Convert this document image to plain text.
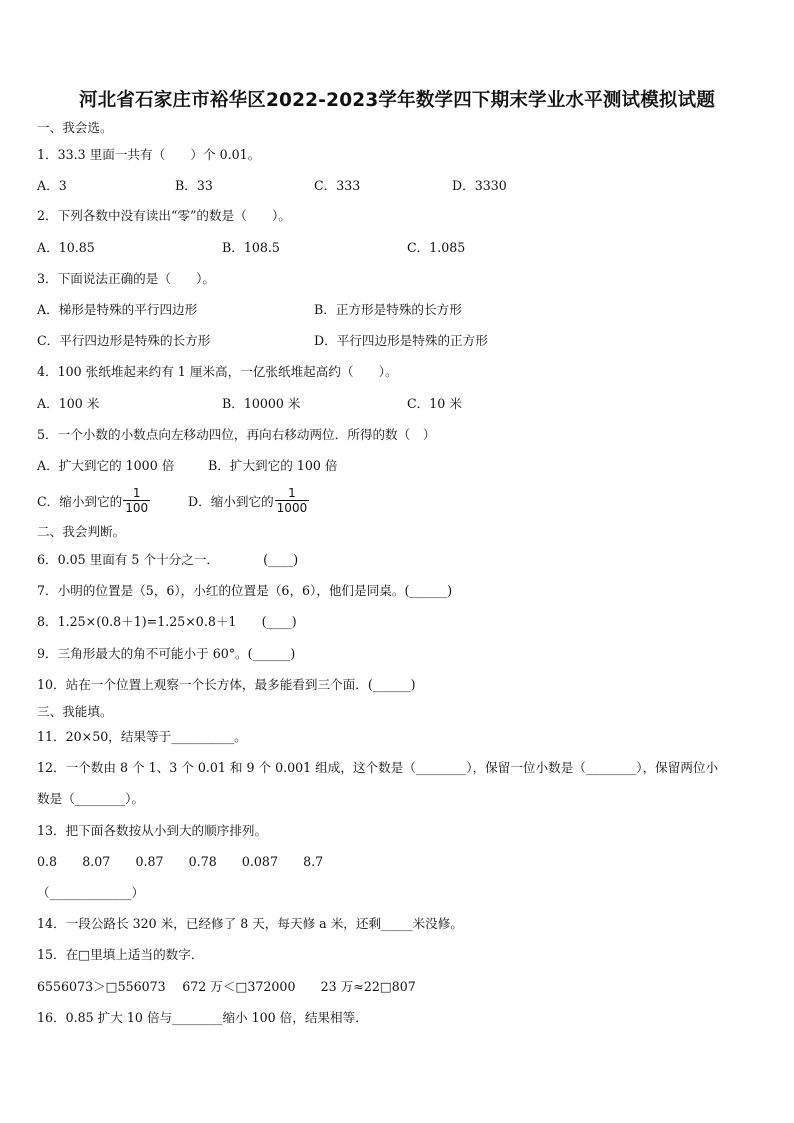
河北省石家庄市裕华区2022-2023学年数学四下期末学业水平测试模拟试题
一、我会选。
1．33.3 里面一共有（　　）个 0.01。
A．3	B．33	C．333	D．3330
2．下列各数中没有读出“零”的数是（　　）。
A．10.85	B．108.5	C．1.085
3．下面说法正确的是（　　）。
A．梯形是特殊的平行四边形	B．正方形是特殊的长方形
C．平行四边形是特殊的长方形	D．平行四边形是特殊的正方形
4．100 张纸堆起来约有 1 厘米高，一亿张纸堆起高约（　　）。
A．100 米	B．10000 米	C．10 米
5．一个小数的小数点向左移动四位，再向右移动两位．所得的数（　）
A．扩大到它的 1000 倍	B．扩大到它的 100 倍
C．缩小到它的 $\frac{1}{100}$	D．缩小到它的 $\frac{1}{1000}$
二、我会判断。
6．0.05 里面有 5 个十分之一．　　　　(____)
7．小明的位置是（5，6），小红的位置是（6，6），他们是同桌。(______)
8．1.25×(0.8＋1)=1.25×0.8＋1　　(____)
9．三角形最大的角不可能小于 60°。(______)
10．站在一个位置上观察一个长方体，最多能看到三个面．(______)
三、我能填。
11．20×50，结果等于__________。
12．一个数由 8 个 1、3 个 0.01 和 9 个 0.001 组成，这个数是（________），保留一位小数是（________），保留两位小
数是（________）。
13．把下面各数按从小到大的顺序排列。
0.8　　8.07　　0.87　　0.78　　0.087　　8.7
（_____________）
14．一段公路长 320 米，已经修了 8 天，每天修 a 米，还剩_____米没修。
15．在□里填上适当的数字．
6556073＞□556073　 672 万＜□372000　　23 万≈22□807
16．0.85 扩大 10 倍与________缩小 100 倍，结果相等．
